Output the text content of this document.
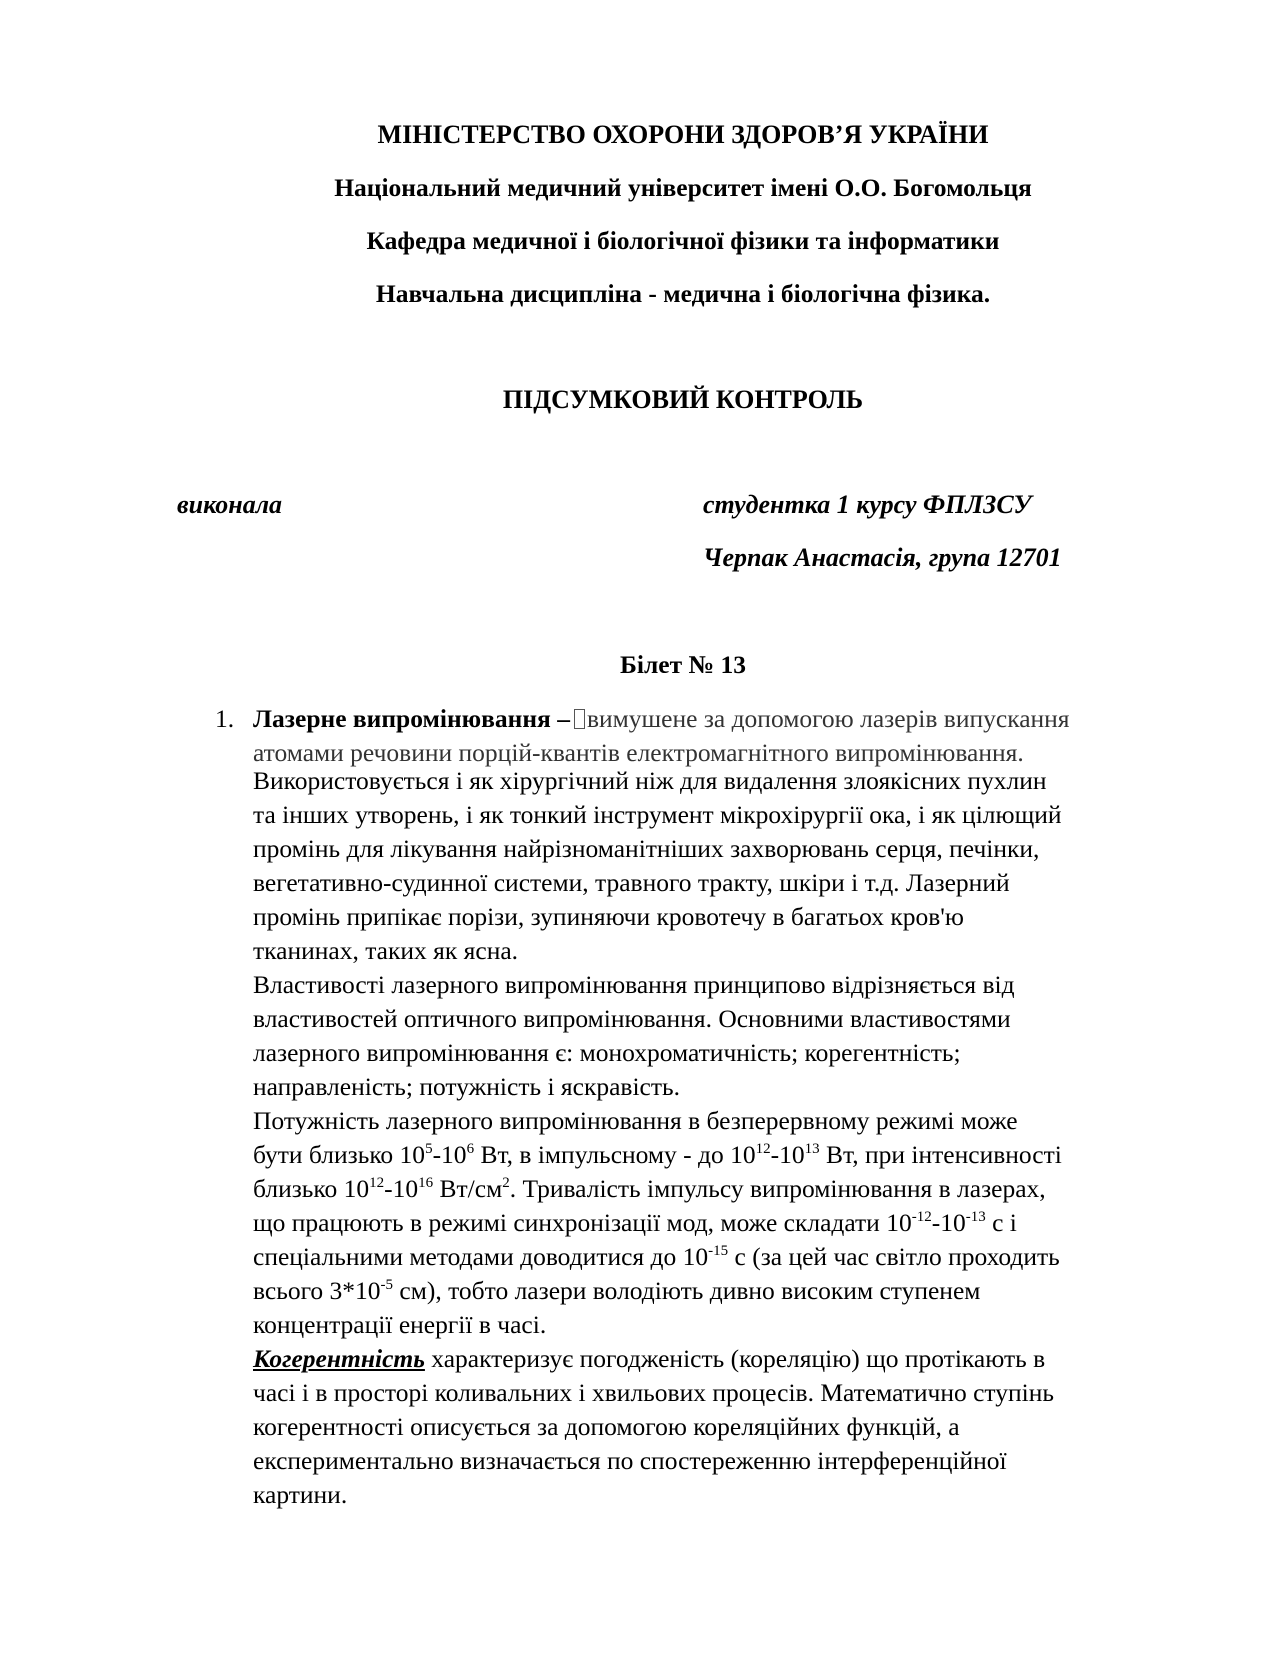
МІНІСТЕРСТВО ОХОРОНИ ЗДОРОВ’Я УКРАЇНИ
Національний медичний університет імені О.О. Богомольця
Кафедра медичної і біологічної фізики та інформатики
Навчальна дисципліна - медична і біологічна фізика.
ПІДСУМКОВИЙ КОНТРОЛЬ
виконала	студентка 1 курсу ФПЛЗСУ
Черпак Анастасія, група 12701
Білет № 13
1. Лазерне випромінювання – вимушене за допомогою лазерів випускання
атомами речовини порцій-квантів електромагнітного випромінювання.
Використовується і як хірургічний ніж для видалення злоякісних пухлин
та інших утворень, і як тонкий інструмент мікрохірургії ока, і як цілющий
промінь для лікування найрізноманітніших захворювань серця, печінки,
вегетативно-судинної системи, травного тракту, шкіри і т.д. Лазерний
промінь припікає порізи, зупиняючи кровотечу в багатьох кров'ю
тканинах, таких як ясна.
Властивості лазерного випромінювання принципово відрізняється від
властивостей оптичного випромінювання. Основними властивостями
лазерного випромінювання є: монохроматичність; корегентність;
направленість; потужність і яскравість.
Потужність лазерного випромінювання в безперервному режимі може
бути близько $10^5-10^6$ Вт, в імпульсному - до $10^{12}-10^{13}$ Вт, при інтенсивності
близько $10^{12}-10^{16}$ $Вт/см^2$. Тривалість імпульсу випромінювання в лазерах,
що працюють в режимі синхронізації мод, може складати $10^{-12}-10^{-13}$ с і
спеціальними методами доводитися до $10^{-15}$ с (за цей час світло проходить
всього $3*10^{-5}$ см), тобто лазери володіють дивно високим ступенем
концентрації енергії в часі.
Когерентність характеризує погодженість (кореляцію) що протікають в
часі і в просторі коливальних і хвильових процесів. Математично ступінь
когерентності описується за допомогою кореляційних функцій, а
експериментально визначається по спостереженню інтерференційної
картини.
